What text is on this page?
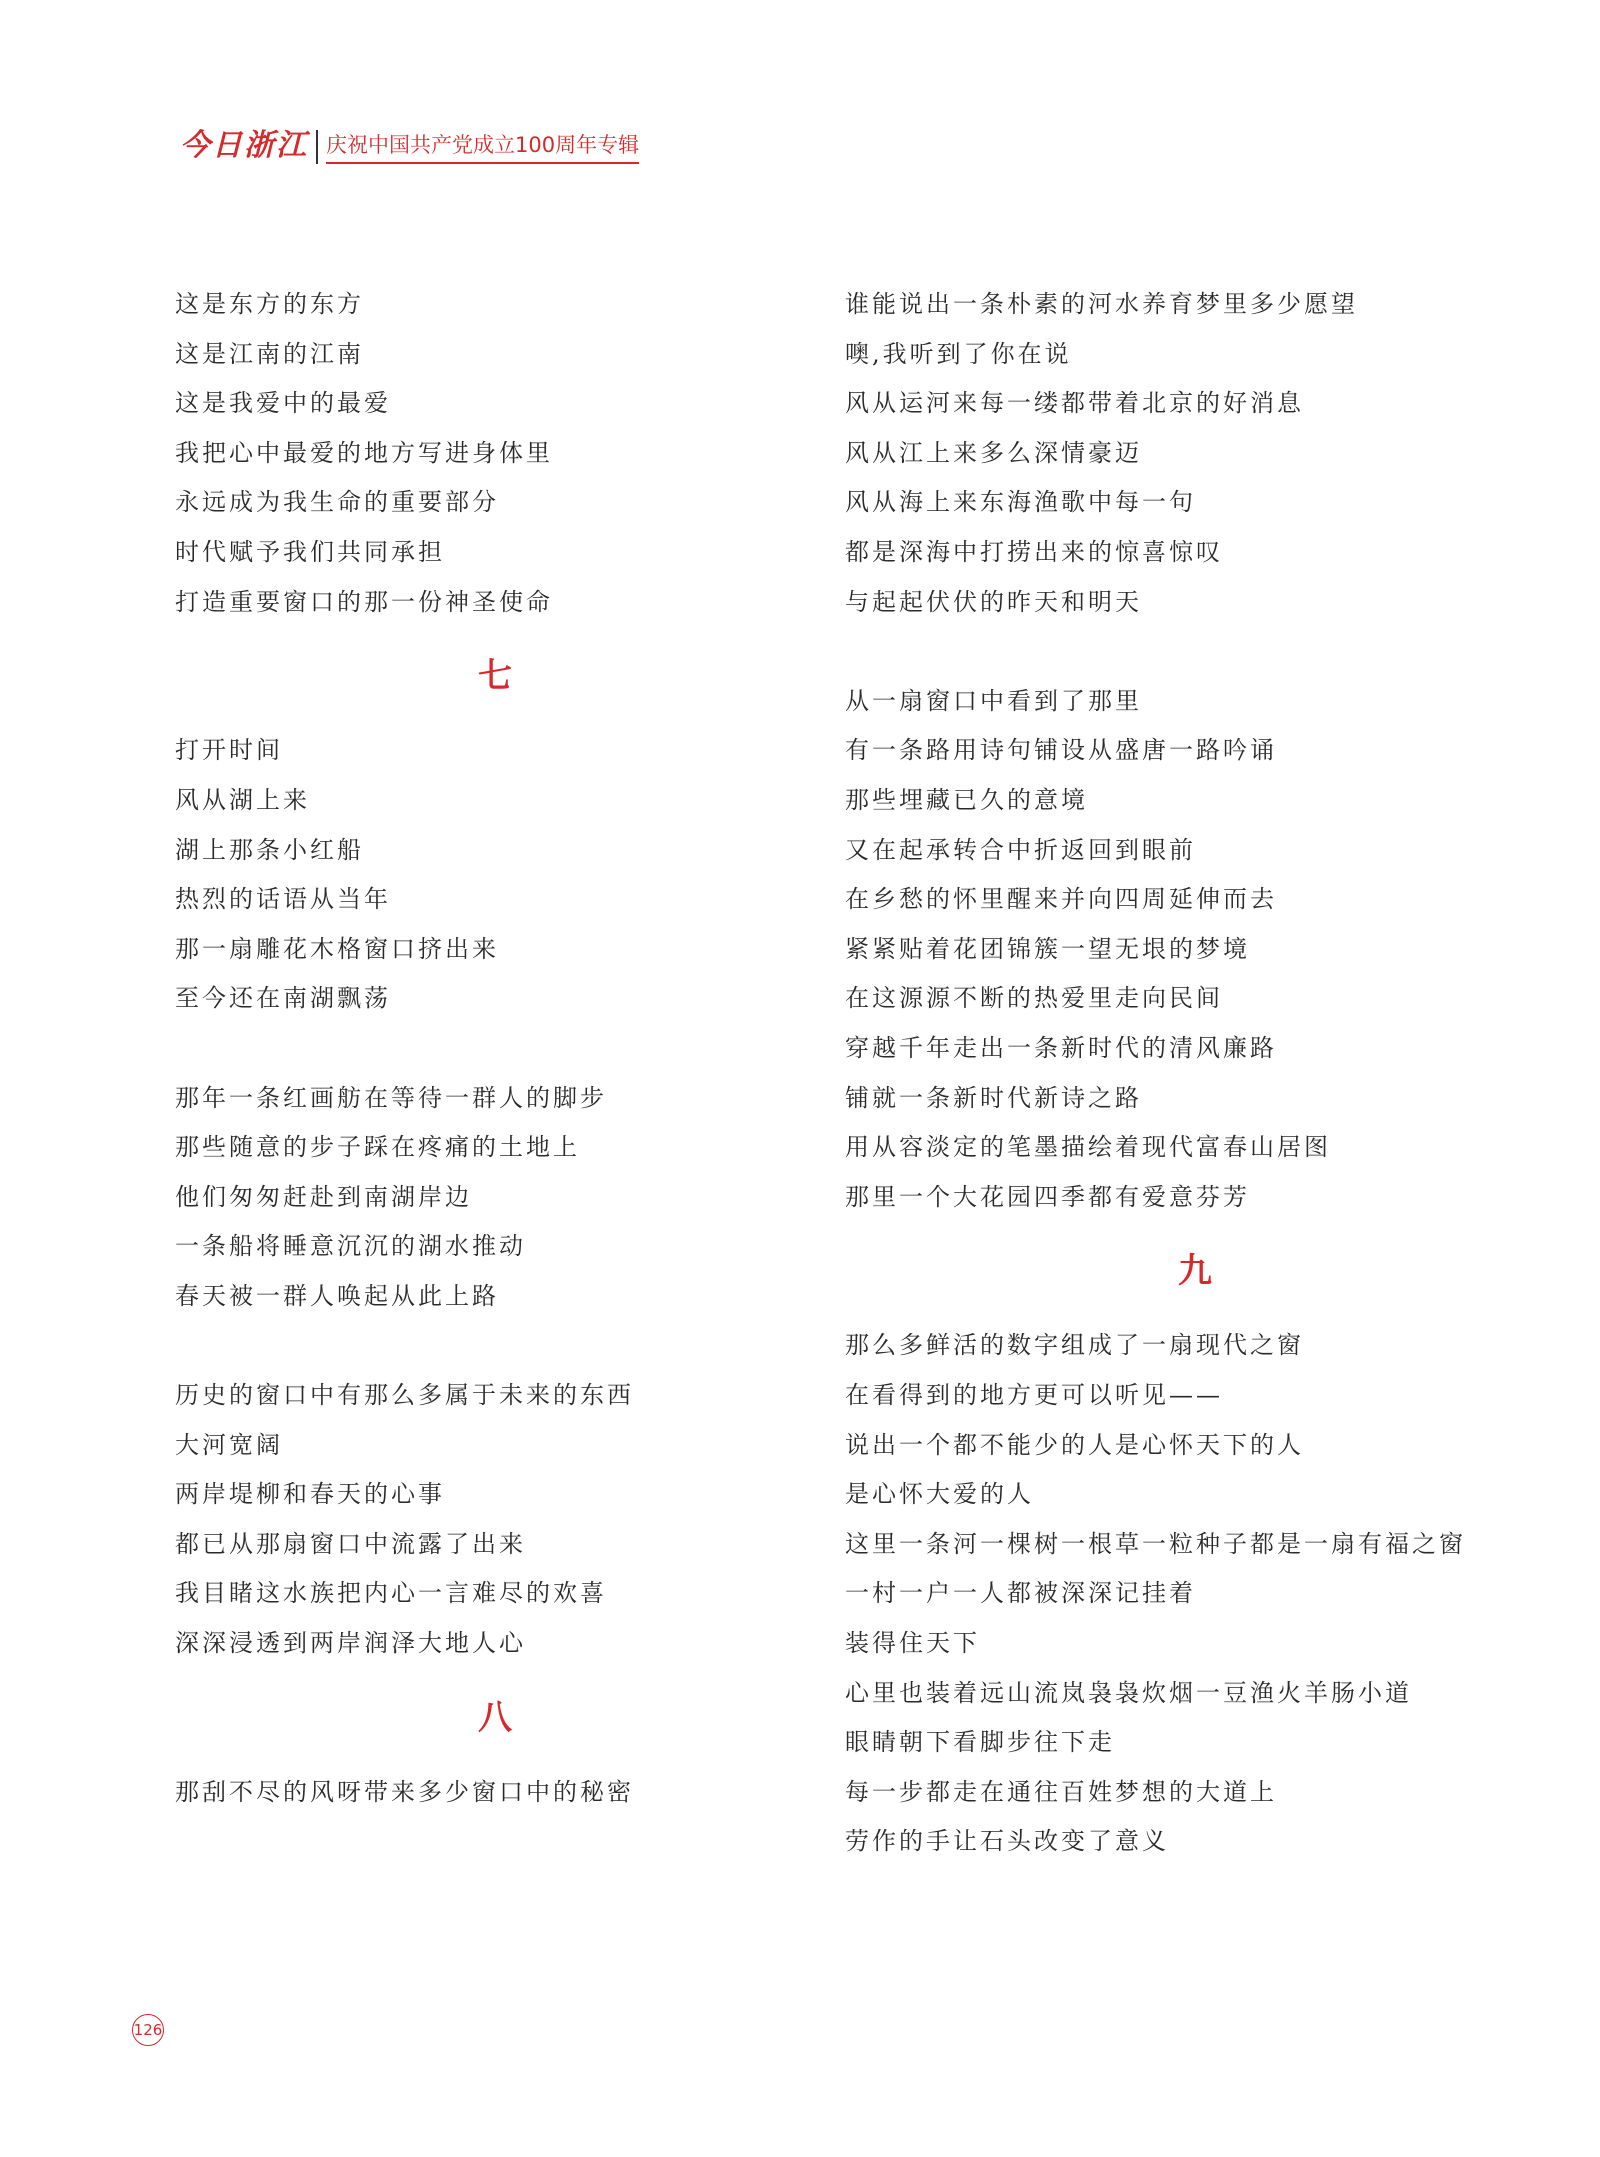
今日浙江 庆祝中国共产党成立100周年专辑
这是东方的东方
这是江南的江南
这是我爱中的最爱
我把心中最爱的地方写进身体里
永远成为我生命的重要部分
时代赋予我们共同承担
打造重要窗口的那一份神圣使命
七
打开时间
风从湖上来
湖上那条小红船
热烈的话语从当年
那一扇雕花木格窗口挤出来
至今还在南湖飘荡
那年一条红画舫在等待一群人的脚步
那些随意的步子踩在疼痛的土地上
他们匆匆赶赴到南湖岸边
一条船将睡意沉沉的湖水推动
春天被一群人唤起从此上路
历史的窗口中有那么多属于未来的东西
大河宽阔
两岸堤柳和春天的心事
都已从那扇窗口中流露了出来
我目睹这水族把内心一言难尽的欢喜
深深浸透到两岸润泽大地人心
八
那刮不尽的风呀带来多少窗口中的秘密
谁能说出一条朴素的河水养育梦里多少愿望
噢,我听到了你在说
风从运河来每一缕都带着北京的好消息
风从江上来多么深情豪迈
风从海上来东海渔歌中每一句
都是深海中打捞出来的惊喜惊叹
与起起伏伏的昨天和明天
从一扇窗口中看到了那里
有一条路用诗句铺设从盛唐一路吟诵
那些埋藏已久的意境
又在起承转合中折返回到眼前
在乡愁的怀里醒来并向四周延伸而去
紧紧贴着花团锦簇一望无垠的梦境
在这源源不断的热爱里走向民间
穿越千年走出一条新时代的清风廉路
铺就一条新时代新诗之路
用从容淡定的笔墨描绘着现代富春山居图
那里一个大花园四季都有爱意芬芳
九
那么多鲜活的数字组成了一扇现代之窗
在看得到的地方更可以听见——
说出一个都不能少的人是心怀天下的人
是心怀大爱的人
这里一条河一棵树一根草一粒种子都是一扇有福之窗
一村一户一人都被深深记挂着
装得住天下
心里也装着远山流岚袅袅炊烟一豆渔火羊肠小道
眼睛朝下看脚步往下走
每一步都走在通往百姓梦想的大道上
劳作的手让石头改变了意义
126
